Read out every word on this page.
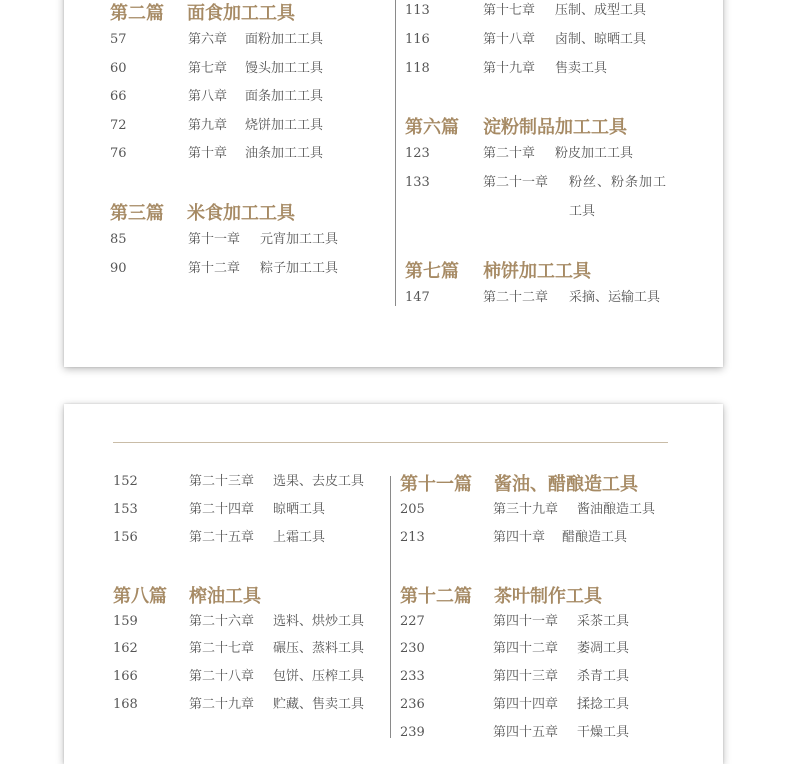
第二篇 面食加工工具
57	第六章 面粉加工工具
60	第七章 馒头加工工具
66	第八章 面条加工工具
72	第九章 烧饼加工工具
76	第十章 油条加工工具
第三篇 米食加工工具
85	第十一章 元宵加工工具
90	第十二章 粽子加工工具
113	第十七章 压制、成型工具
116	第十八章 卤制、晾晒工具
118	第十九章 售卖工具
第六篇 淀粉制品加工工具
123	第二十章 粉皮加工工具
133	第二十一章 粉丝、粉条加工
工具
第七篇 柿饼加工工具
147	第二十二章 采摘、运输工具
152	第二十三章 选果、去皮工具
153	第二十四章 晾晒工具
156	第二十五章 上霜工具
第八篇 榨油工具
159	第二十六章 选料、烘炒工具
162	第二十七章 碾压、蒸料工具
166	第二十八章 包饼、压榨工具
168	第二十九章 贮藏、售卖工具
第十一篇 酱油、醋酿造工具
205	第三十九章 酱油酿造工具
213	第四十章 醋酿造工具
第十二篇 茶叶制作工具
227	第四十一章 采茶工具
230	第四十二章 萎凋工具
233	第四十三章 杀青工具
236	第四十四章 揉捻工具
239	第四十五章 干燥工具
